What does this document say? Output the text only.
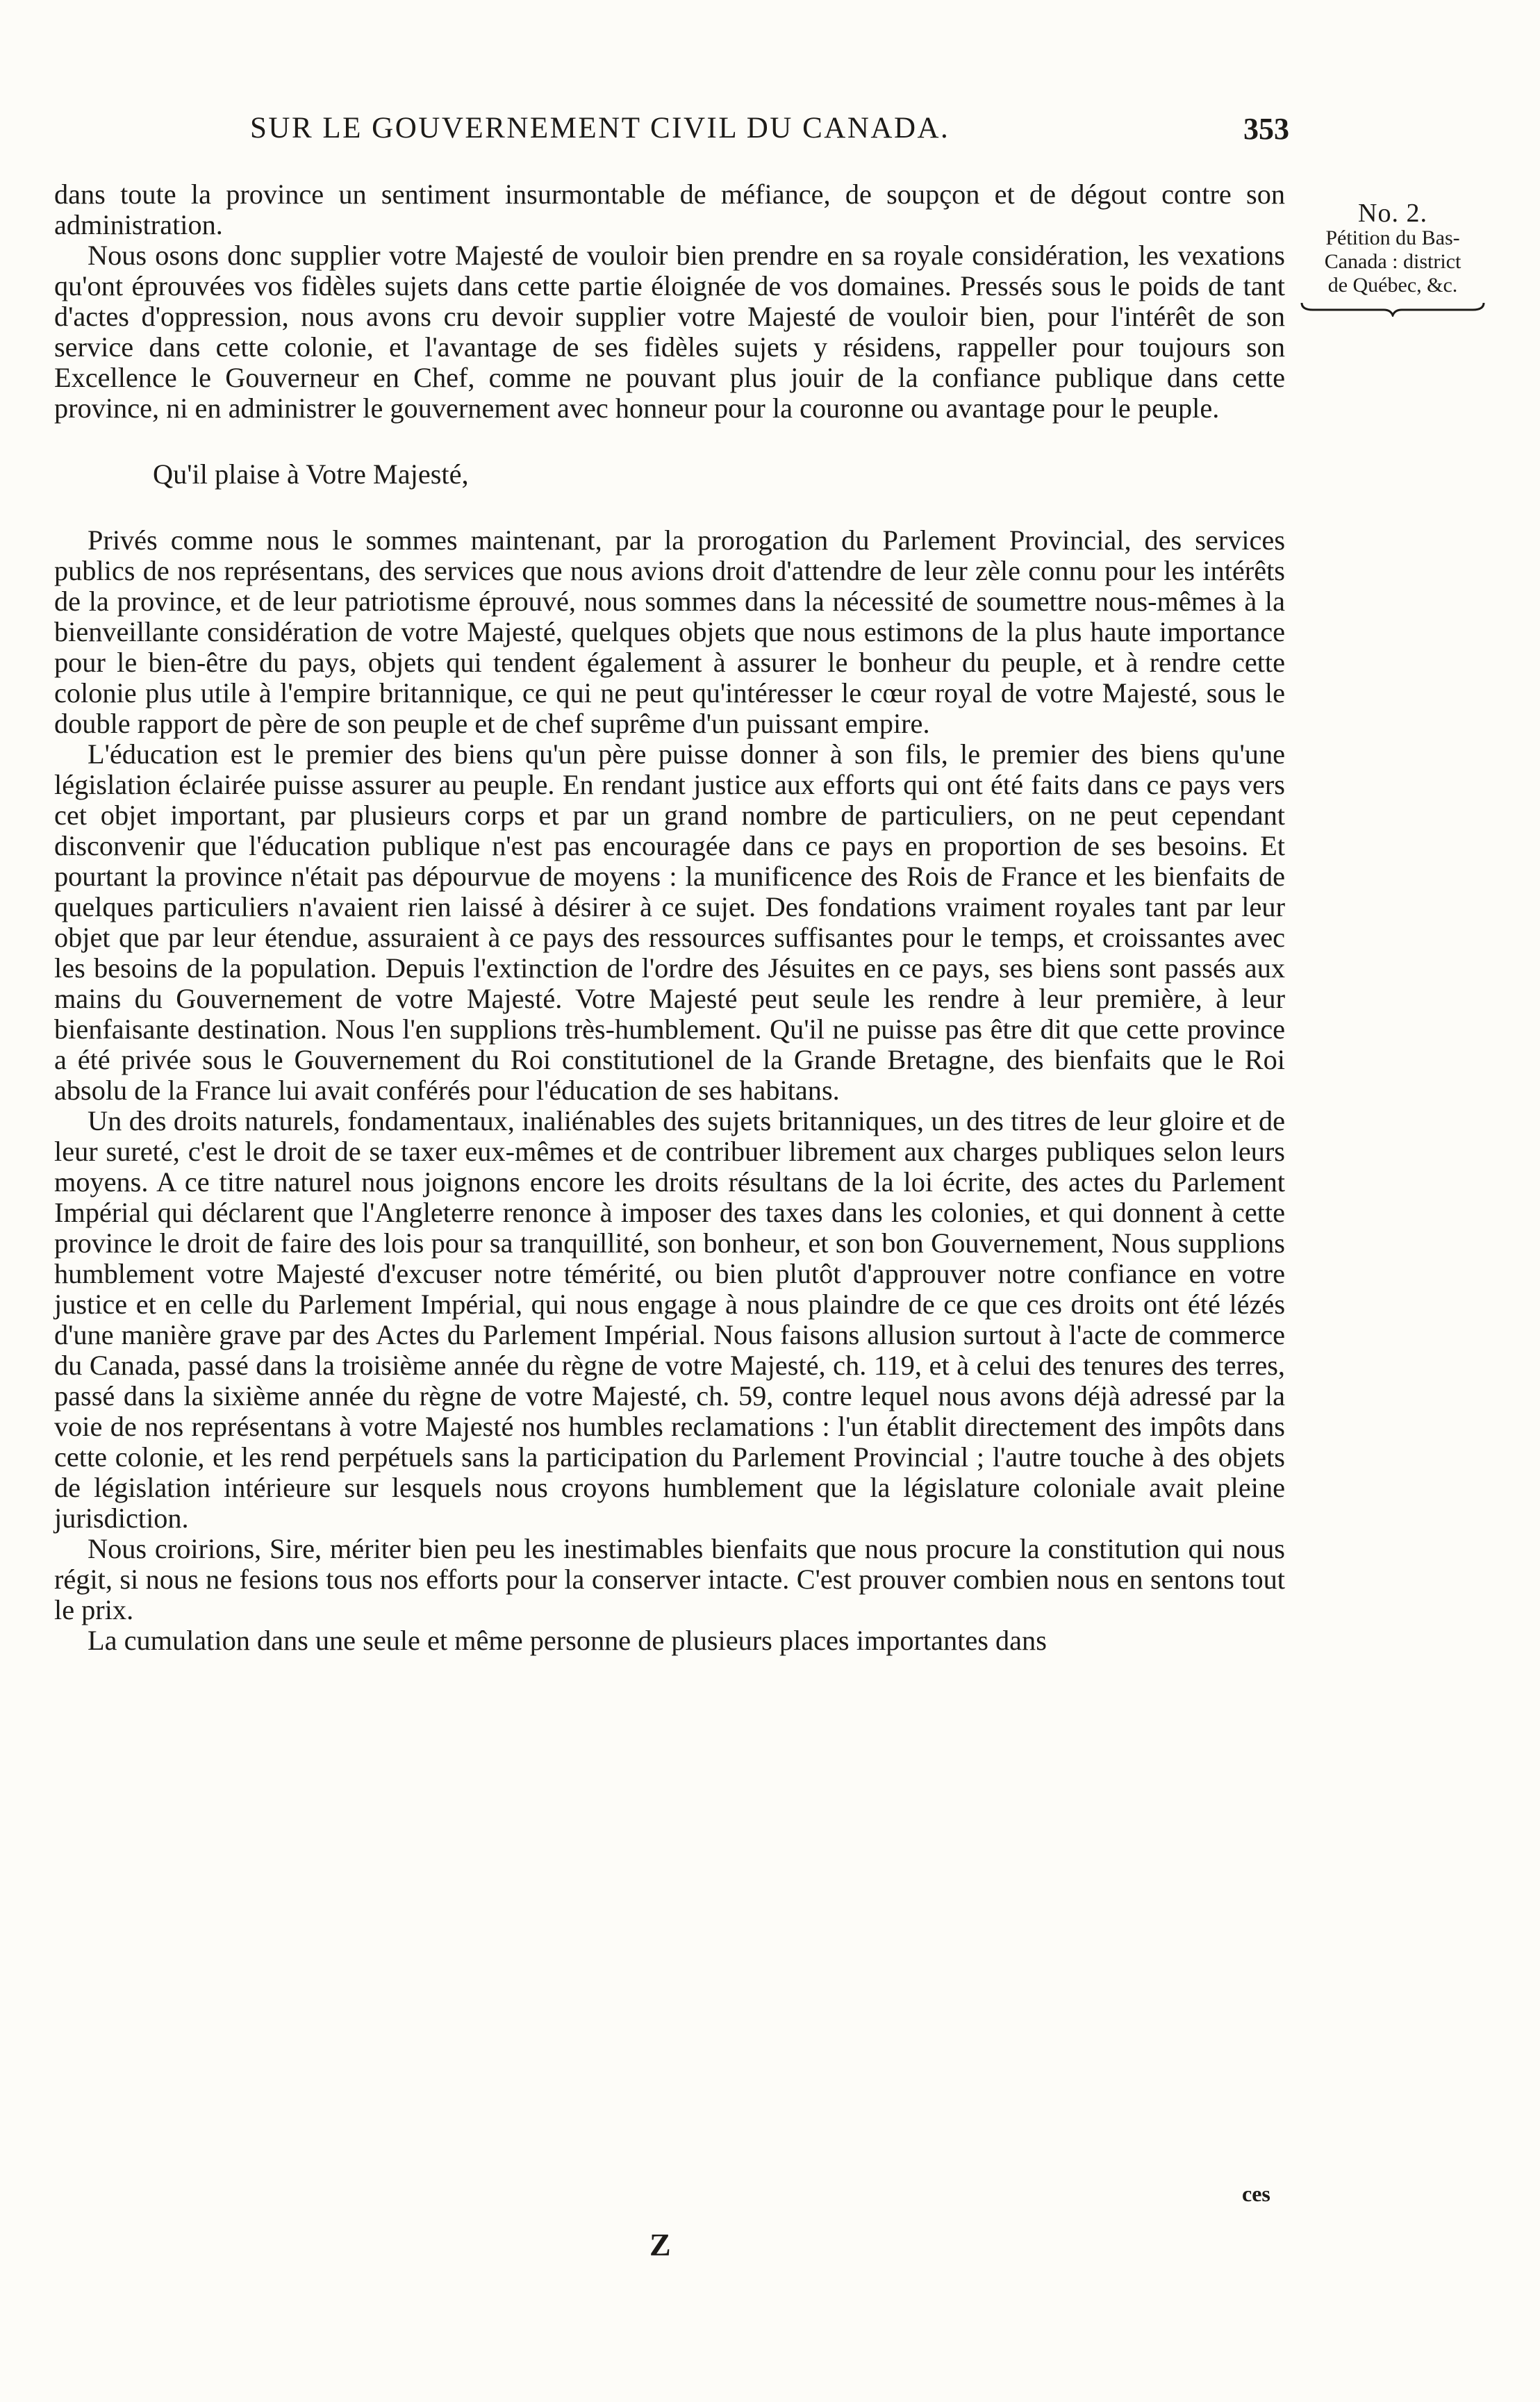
SUR LE GOUVERNEMENT CIVIL DU CANADA.	353

dans toute la province un sentiment insurmontable de méfiance, de soupçon et de dégout contre son administration.

Nous osons donc supplier votre Majesté de vouloir bien prendre en sa royale considération, les vexations qu'ont éprouvées vos fidèles sujets dans cette partie éloignée de vos domaines. Pressés sous le poids de tant d'actes d'oppression, nous avons cru devoir supplier votre Majesté de vouloir bien, pour l'intérêt de son service dans cette colonie, et l'avantage de ses fidèles sujets y résidens, rappeller pour toujours son Excellence le Gouverneur en Chef, comme ne pouvant plus jouir de la confiance publique dans cette province, ni en administrer le gouvernement avec honneur pour la couronne ou avantage pour le peuple.

Qu'il plaise à Votre Majesté,

Privés comme nous le sommes maintenant, par la prorogation du Parlement Provincial, des services publics de nos représentans, des services que nous avions droit d'attendre de leur zèle connu pour les intérêts de la province, et de leur patriotisme éprouvé, nous sommes dans la nécessité de soumettre nous-mêmes à la bienveillante considération de votre Majesté, quelques objets que nous estimons de la plus haute importance pour le bien-être du pays, objets qui tendent également à assurer le bonheur du peuple, et à rendre cette colonie plus utile à l'empire britannique, ce qui ne peut qu'intéresser le cœur royal de votre Majesté, sous le double rapport de père de son peuple et de chef suprême d'un puissant empire.

L'éducation est le premier des biens qu'un père puisse donner à son fils, le premier des biens qu'une législation éclairée puisse assurer au peuple. En rendant justice aux efforts qui ont été faits dans ce pays vers cet objet important, par plusieurs corps et par un grand nombre de particuliers, on ne peut cependant disconvenir que l'éducation publique n'est pas encouragée dans ce pays en proportion de ses besoins. Et pourtant la province n'était pas dépourvue de moyens : la munificence des Rois de France et les bienfaits de quelques particuliers n'avaient rien laissé à désirer à ce sujet. Des fondations vraiment royales tant par leur objet que par leur étendue, assuraient à ce pays des ressources suffisantes pour le temps, et croissantes avec les besoins de la population. Depuis l'extinction de l'ordre des Jésuites en ce pays, ses biens sont passés aux mains du Gouvernement de votre Majesté. Votre Majesté peut seule les rendre à leur première, à leur bienfaisante destination. Nous l'en supplions très-humblement. Qu'il ne puisse pas être dit que cette province a été privée sous le Gouvernement du Roi constitutionel de la Grande Bretagne, des bienfaits que le Roi absolu de la France lui avait conférés pour l'éducation de ses habitans.

Un des droits naturels, fondamentaux, inaliénables des sujets britanniques, un des titres de leur gloire et de leur sureté, c'est le droit de se taxer eux-mêmes et de contribuer librement aux charges publiques selon leurs moyens. A ce titre naturel nous joignons encore les droits résultans de la loi écrite, des actes du Parlement Impérial qui déclarent que l'Angleterre renonce à imposer des taxes dans les colonies, et qui donnent à cette province le droit de faire des lois pour sa tranquillité, son bonheur, et son bon Gouvernement, Nous supplions humblement votre Majesté d'excuser notre témérité, ou bien plutôt d'approuver notre confiance en votre justice et en celle du Parlement Impérial, qui nous engage à nous plaindre de ce que ces droits ont été lézés d'une manière grave par des Actes du Parlement Impérial. Nous faisons allusion surtout à l'acte de commerce du Canada, passé dans la troisième année du règne de votre Majesté, ch. 119, et à celui des tenures des terres, passé dans la sixième année du règne de votre Majesté, ch. 59, contre lequel nous avons déjà adressé par la voie de nos représentans à votre Majesté nos humbles reclamations : l'un établit directement des impôts dans cette colonie, et les rend perpétuels sans la participation du Parlement Provincial ; l'autre touche à des objets de législation intérieure sur lesquels nous croyons humblement que la législature coloniale avait pleine jurisdiction.

Nous croirions, Sire, mériter bien peu les inestimables bienfaits que nous procure la constitution qui nous régit, si nous ne fesions tous nos efforts pour la conserver intacte. C'est prouver combien nous en sentons tout le prix.

La cumulation dans une seule et même personne de plusieurs places importantes dans

No. 2.
Pétition du Bas-
Canada : district
de Québec, &c.
ces
Z
